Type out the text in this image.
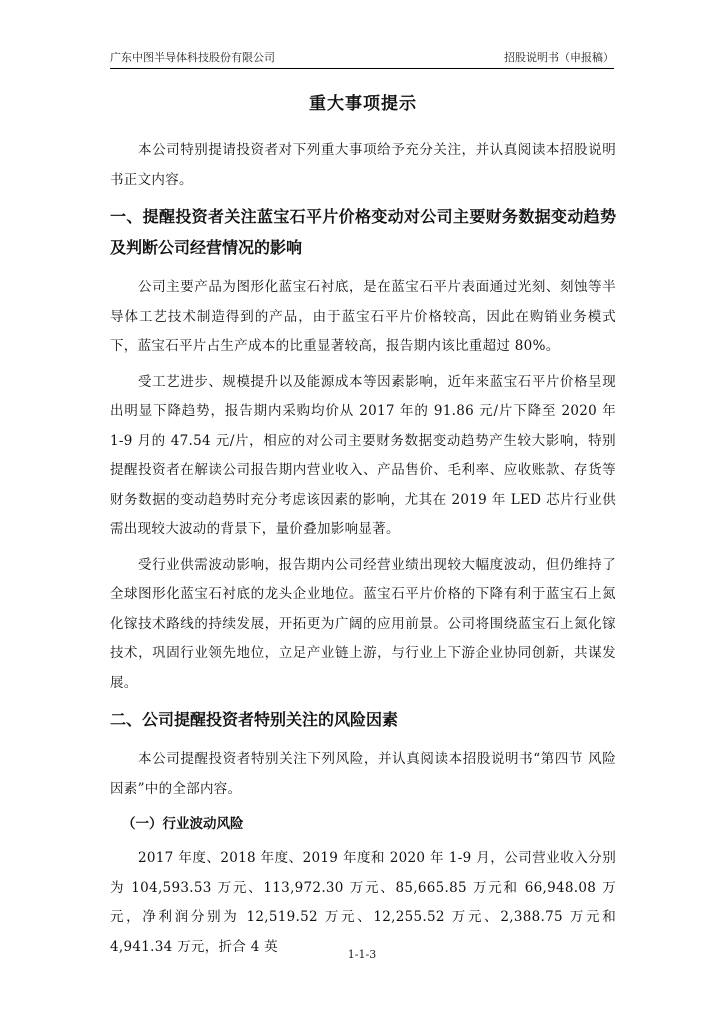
广东中图半导体科技股份有限公司	招股说明书（申报稿）
重大事项提示

本公司特别提请投资者对下列重大事项给予充分关注，并认真阅读本招股说明书正文内容。

一、提醒投资者关注蓝宝石平片价格变动对公司主要财务数据变动趋势及判断公司经营情况的影响

公司主要产品为图形化蓝宝石衬底，是在蓝宝石平片表面通过光刻、刻蚀等半导体工艺技术制造得到的产品，由于蓝宝石平片价格较高，因此在购销业务模式下，蓝宝石平片占生产成本的比重显著较高，报告期内该比重超过 80%。

受工艺进步、规模提升以及能源成本等因素影响，近年来蓝宝石平片价格呈现出明显下降趋势，报告期内采购均价从 2017 年的 91.86 元/片下降至 2020 年 1-9 月的 47.54 元/片，相应的对公司主要财务数据变动趋势产生较大影响，特别提醒投资者在解读公司报告期内营业收入、产品售价、毛利率、应收账款、存货等财务数据的变动趋势时充分考虑该因素的影响，尤其在 2019 年 LED 芯片行业供需出现较大波动的背景下，量价叠加影响显著。

受行业供需波动影响，报告期内公司经营业绩出现较大幅度波动，但仍维持了全球图形化蓝宝石衬底的龙头企业地位。蓝宝石平片价格的下降有利于蓝宝石上氮化镓技术路线的持续发展，开拓更为广阔的应用前景。公司将围绕蓝宝石上氮化镓技术，巩固行业领先地位，立足产业链上游，与行业上下游企业协同创新，共谋发展。

二、公司提醒投资者特别关注的风险因素

本公司提醒投资者特别关注下列风险，并认真阅读本招股说明书“第四节 风险因素”中的全部内容。

（一）行业波动风险

2017 年度、2018 年度、2019 年度和 2020 年 1-9 月，公司营业收入分别为 104,593.53 万元、113,972.30 万元、85,665.85 万元和 66,948.08 万元，净利润分别为 12,519.52 万元、12,255.52 万元、2,388.75 万元和 4,941.34 万元，折合 4 英	1-1-3
